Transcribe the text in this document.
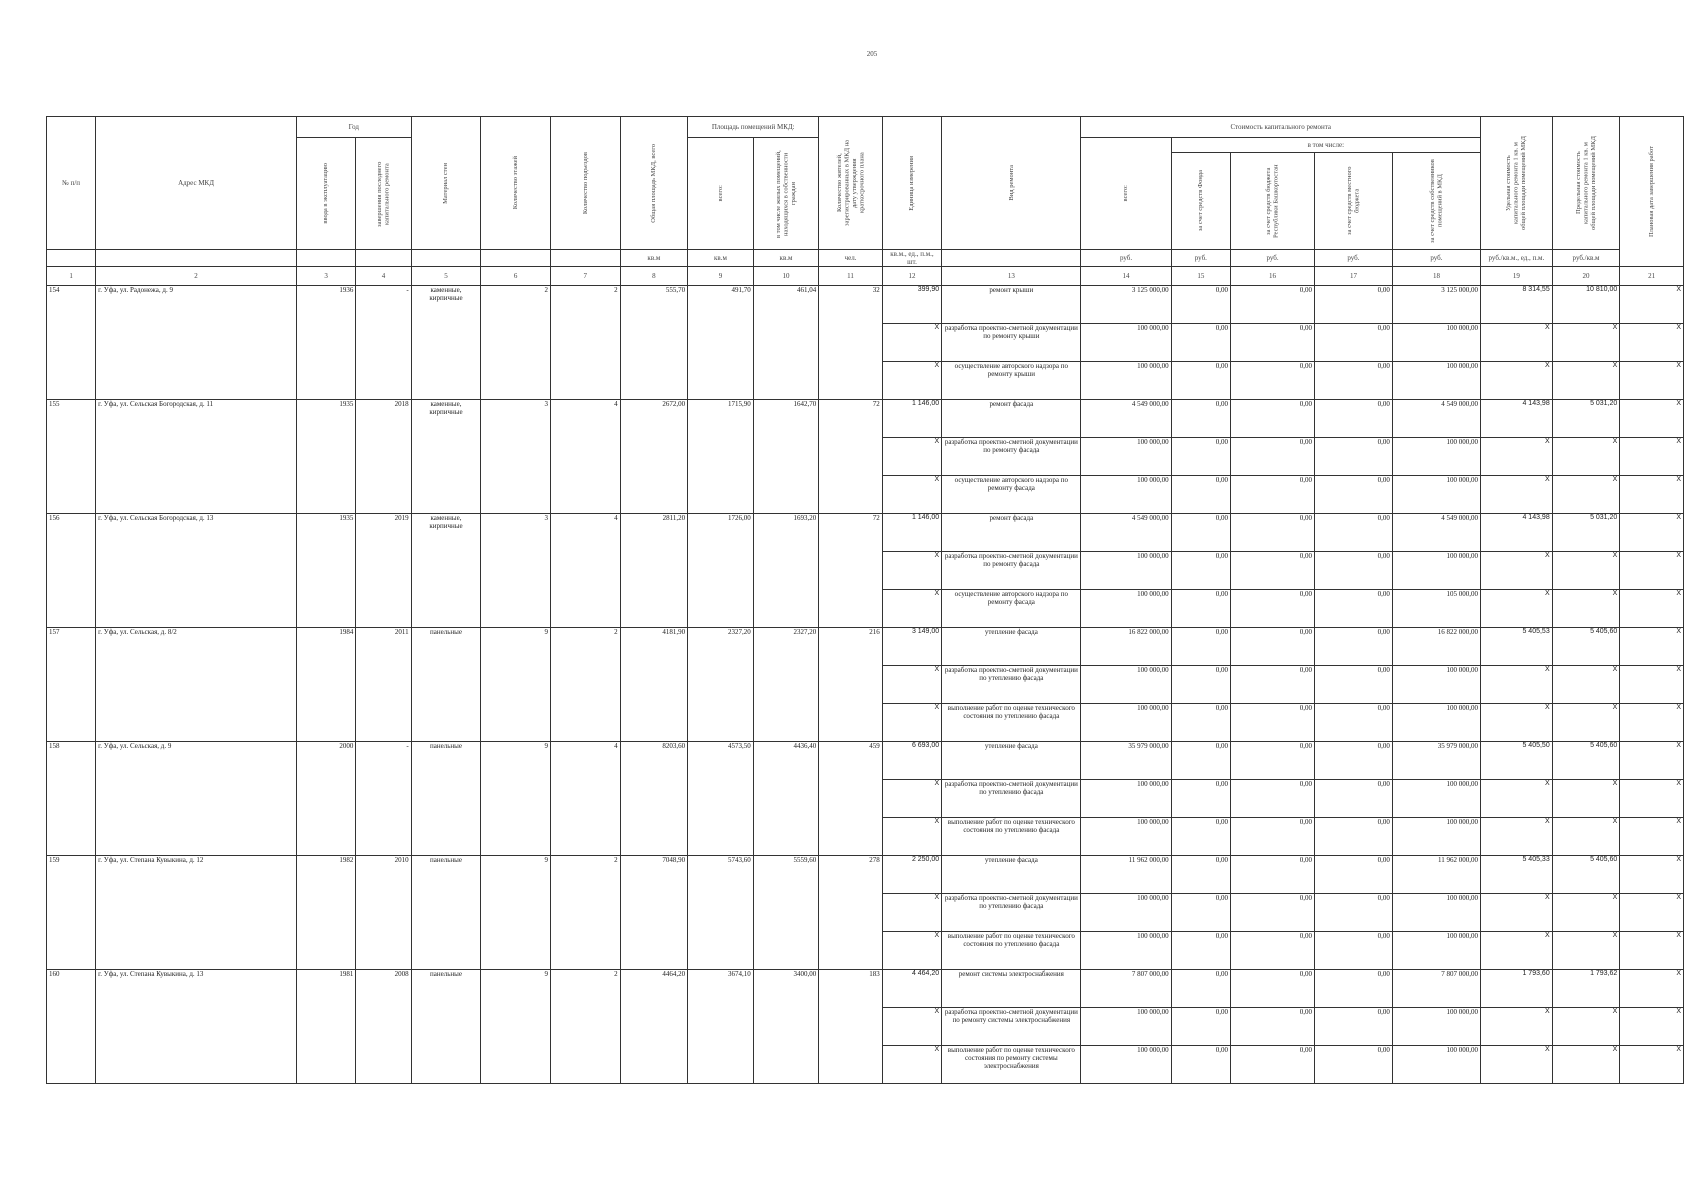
205
№ п/п	Адрес МКД	Год		Материал стен	Количество этажей	Количество подъездов	Общая площадь МКД, всего	Площадь помещений МКД:		Количество жителей, зарегистрированных в МКД на дату утверждения краткосрочного плана	Единица измерения	Вид ремонта	Стоимость капитального ремонта					Удельная стоимость капитального ремонта 1 кв. м общей площади помещений МКД	Предельная стоимость капитального ремонта 1 кв. м общей площади помещений МКД	Плановая дата завершения работ

		ввода в эксплуатацию	завершения последнего капитального ремонта					всего:	в том числе жилых помещений, находящихся в собственности граждан				всего:	в том числе:						

														за счет средств Фонда	за счет средств бюджета Республики Башкортостан	за счет средств местного бюджета	за счет средств собственников помещений в МКД			

							кв.м	кв.м	кв.м	чел.	кв.м., ед., п.м., шт.		руб.	руб.	руб.	руб.	руб.	руб./кв.м., ед., п.м.	руб./кв.м	
1	2	3	4	5	6	7	8	9	10	11	12	13	14	15	16	17	18	19	20	21
154	г. Уфа, ул. Радонежа, д. 9	1936	-	каменные, кирпичные	2	2	555,70	491,70	461,04	32	399,90	ремонт крыши	3 125 000,00	0,00	0,00	0,00	3 125 000,00	8 314,55	10 810,00	X
											X	разработка проектно-сметной документации по ремонту крыши	100 000,00	0,00	0,00	0,00	100 000,00	X	X	X
											X	осуществление авторского надзора по ремонту крыши	100 000,00	0,00	0,00	0,00	100 000,00	X	X	X
155	г. Уфа, ул. Сельская Богородская, д. 11	1935	2018	каменные, кирпичные	3	4	2672,00	1715,90	1642,70	72	1 146,00	ремонт фасада	4 549 000,00	0,00	0,00	0,00	4 549 000,00	4 143,98	5 031,20	X
											X	разработка проектно-сметной документации по ремонту фасада	100 000,00	0,00	0,00	0,00	100 000,00	X	X	X
											X	осуществление авторского надзора по ремонту фасада	100 000,00	0,00	0,00	0,00	100 000,00	X	X	X
156	г. Уфа, ул. Сельская Богородская, д. 13	1935	2019	каменные, кирпичные	3	4	2811,20	1726,00	1693,20	72	1 146,00	ремонт фасада	4 549 000,00	0,00	0,00	0,00	4 549 000,00	4 143,98	5 031,20	X
											X	разработка проектно-сметной документации по ремонту фасада	100 000,00	0,00	0,00	0,00	100 000,00	X	X	X
											X	осуществление авторского надзора по ремонту фасада	100 000,00	0,00	0,00	0,00	105 000,00	X	X	X
157	г. Уфа, ул. Сельская, д. 8/2	1984	2011	панельные	9	2	4181,90	2327,20	2327,20	216	3 149,00	утепление фасада	16 822 000,00	0,00	0,00	0,00	16 822 000,00	5 405,53	5 405,60	X
											X	разработка проектно-сметной документации по утеплению фасада	100 000,00	0,00	0,00	0,00	100 000,00	X	X	X
											X	выполнение работ по оценке технического состояния по утеплению фасада	100 000,00	0,00	0,00	0,00	100 000,00	X	X	X
158	г. Уфа, ул. Сельская, д. 9	2000	-	панельные	9	4	8203,60	4573,50	4436,40	459	6 693,00	утепление фасада	35 979 000,00	0,00	0,00	0,00	35 979 000,00	5 405,50	5 405,60	X
											X	разработка проектно-сметной документации по утеплению фасада	100 000,00	0,00	0,00	0,00	100 000,00	X	X	X
											X	выполнение работ по оценке технического состояния по утеплению фасада	100 000,00	0,00	0,00	0,00	100 000,00	X	X	X
159	г. Уфа, ул. Степана Кувыкина, д. 12	1982	2010	панельные	9	2	7048,90	5743,60	5559,60	278	2 250,00	утепление фасада	11 962 000,00	0,00	0,00	0,00	11 962 000,00	5 405,33	5 405,60	X
											X	разработка проектно-сметной документации по утеплению фасада	100 000,00	0,00	0,00	0,00	100 000,00	X	X	X
											X	выполнение работ по оценке технического состояния по утеплению фасада	100 000,00	0,00	0,00	0,00	100 000,00	X	X	X
160	г. Уфа, ул. Степана Кувыкина, д. 13	1981	2008	панельные	9	2	4464,20	3674,10	3400,00	183	4 464,20	ремонт системы электроснабжения	7 807 000,00	0,00	0,00	0,00	7 807 000,00	1 793,60	1 793,62	X
											X	разработка проектно-сметной документации по ремонту системы электроснабжения	100 000,00	0,00	0,00	0,00	100 000,00	X	X	X
											X	выполнение работ по оценке технического состояния по ремонту системы электроснабжения	100 000,00	0,00	0,00	0,00	100 000,00	X	X	X
